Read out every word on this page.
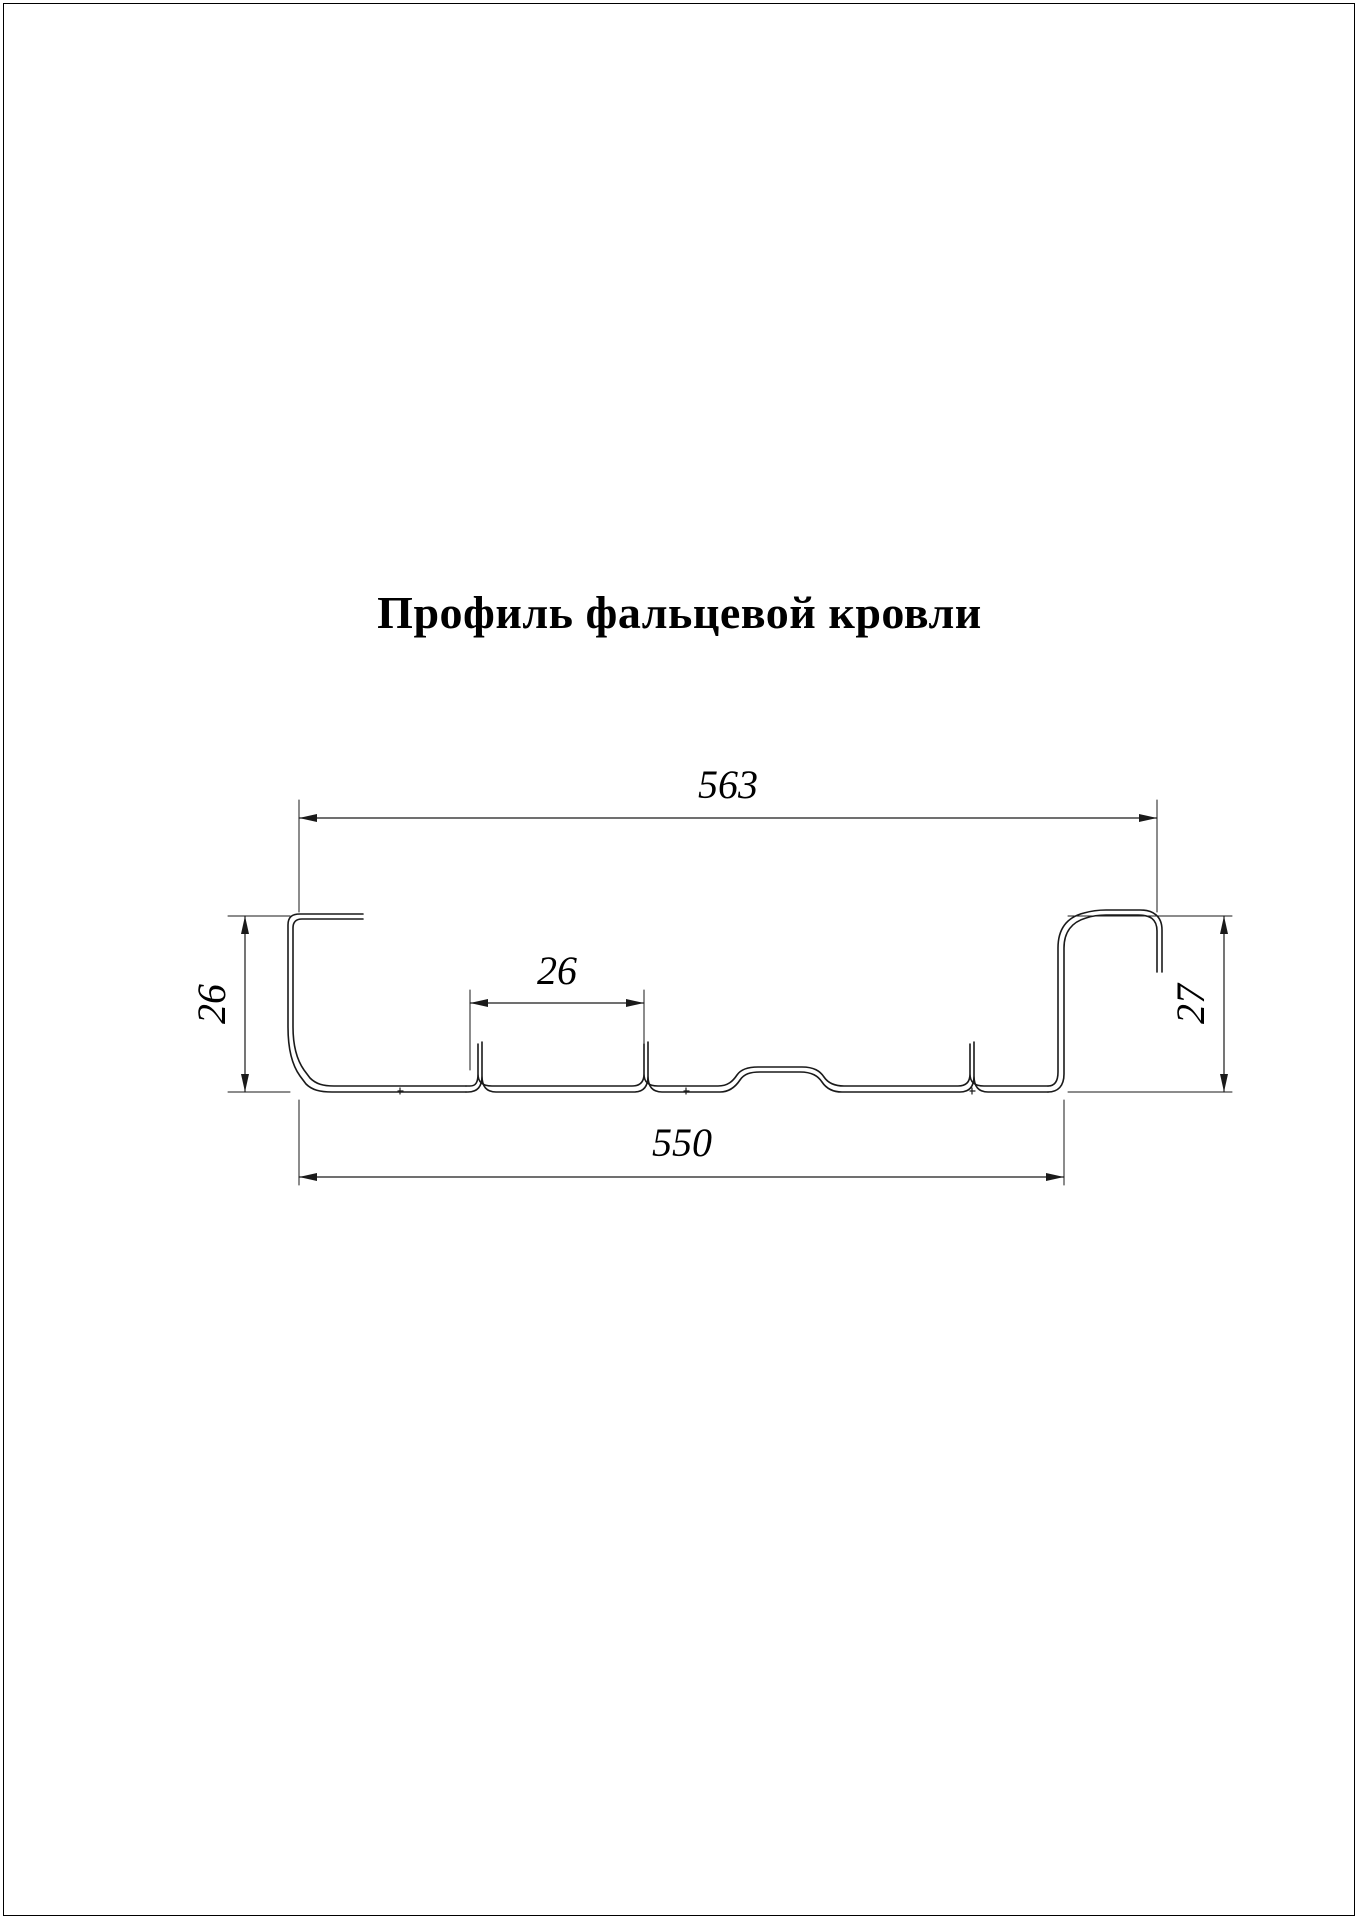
Профиль фальцевой кровли
563
550
26	27
26
